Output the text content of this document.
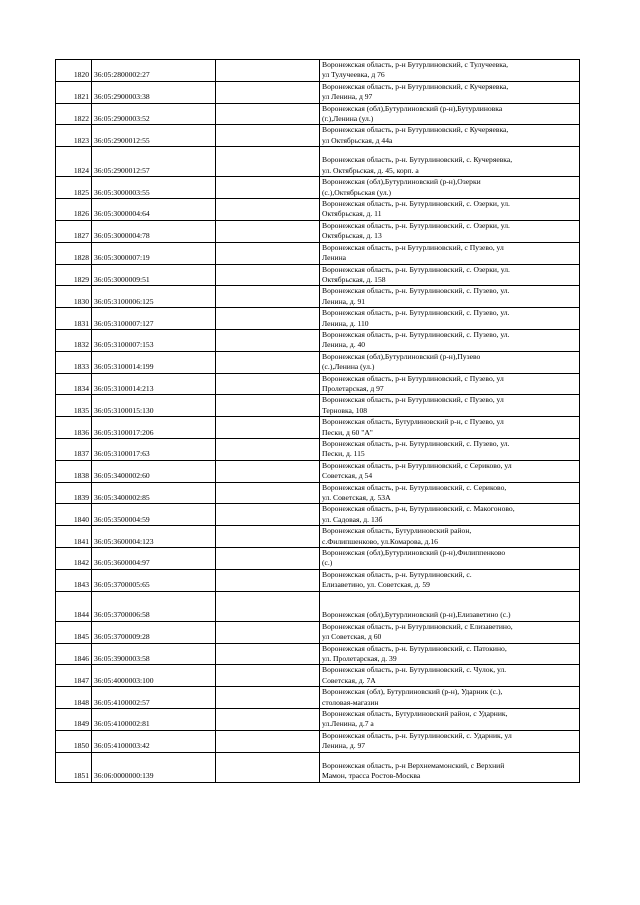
1820	36:05:2800002:27		Воронежская область, р-н Бутурлиновский, с Тулучеевка,
ул Тулучеевка, д 76

1821	36:05:2900003:38		Воронежская область, р-н Бутурлиновский, с Кучеряевка,
ул Ленина, д 97

1822	36:05:2900003:52		Воронежская (обл),Бутурлиновский (р-н),Бутурлиновка
(г.),Ленина (ул.)

1823	36:05:2900012:55		Воронежская область, р-н Бутурлиновский, с Кучеряевка,
ул Октябрьская, д 44а

1824	36:05:2900012:57		Воронежская область, р-н. Бутурлиновский, с. Кучеряевка,
ул. Октябрьская, д. 45, корп. а

1825	36:05:3000003:55		Воронежская (обл),Бутурлиновский (р-н),Озерки
(с.),Октябрьская (ул.)

1826	36:05:3000004:64		Воронежская область, р-н. Бутурлиновский, с. Озерки, ул.
Октябрьская, д. 11

1827	36:05:3000004:78		Воронежская область, р-н. Бутурлиновский, с. Озерки, ул.
Октябрьская, д. 13

1828	36:05:3000007:19		Воронежская область, р-н Бутурлиновский, с Пузево, ул
Ленина

1829	36:05:3000009:51		Воронежская область, р-н. Бутурлиновский, с. Озерки, ул.
Октябрьская, д. 158

1830	36:05:3100006:125		Воронежская область, р-н. Бутурлиновский, с. Пузево, ул.
Ленина, д. 91

1831	36:05:3100007:127		Воронежская область, р-н. Бутурлиновский, с. Пузево, ул.
Ленина, д. 110

1832	36:05:3100007:153		Воронежская область, р-н. Бутурлиновский, с. Пузево, ул.
Ленина, д. 40

1833	36:05:3100014:199		Воронежская (обл),Бутурлиновский (р-н),Пузево
(с.),Ленина (ул.)

1834	36:05:3100014:213		Воронежская область, р-н Бутурлиновский, с Пузево, ул
Пролетарская, д 97

1835	36:05:3100015:130		Воронежская область, р-н Бутурлиновский, с Пузево, ул
Терновка, 108

1836	36:05:3100017:206		Воронежская область, Бутурлиновский р-н, с Пузево, ул
Пески, д 60 "А"

1837	36:05:3100017:63		Воронежская область, р-н. Бутурлиновский, с. Пузево, ул.
Пески, д. 115

1838	36:05:3400002:60		Воронежская область, р-н Бутурлиновский, с Сериково, ул
Советская, д 54

1839	36:05:3400002:85		Воронежская область, р-н. Бутурлиновский, с. Сериково,
ул. Советская, д. 53А

1840	36:05:3500004:59		Воронежская область, р-н, Бутурлиновский, с. Макогоново,
ул. Садовая, д. 13б

1841	36:05:3600004:123		Воронежская область, Бутурлиновский район,
с.Филипшенково, ул.Комарова, д.16

1842	36:05:3600004:97		Воронежская (обл),Бутурлиновский (р-н),Филиппенково
(с.)

1843	36:05:3700005:65		Воронежская область, р-н. Бутурлиновский, с.
Елизаветино, ул. Советская, д. 59

1844	36:05:3700006:58		Воронежская (обл),Бутурлиновский (р-н),Елизаветино (с.)

1845	36:05:3700009:28		Воронежская область, р-н Бутурлиновский, с Елизаветино,
ул Советская, д 60

1846	36:05:3900003:58		Воронежская область, р-н. Бутурлиновский, с. Патокино,
ул. Пролетарская, д. 39

1847	36:05:4000003:100		Воронежская область, р-н. Бутурлиновский, с. Чулок, ул.
Советская, д. 7А

1848	36:05:4100002:57		Воронежская (обл), Бутурлиновский (р-н), Ударник (с.),
столовая-магазин

1849	36:05:4100002:81		Воронежская область, Бутурлиновский район, с Ударник,
ул.Ленина, д.7 а

1850	36:05:4100003:42		Воронежская область, р-н. Бутурлиновский, с. Ударник, ул
Ленина, д. 97

1851	36:06:0000000:139		Воронежская область, р-н Верхнемамонский, с Верхний
Мамон, трасса Ростов-Москва
